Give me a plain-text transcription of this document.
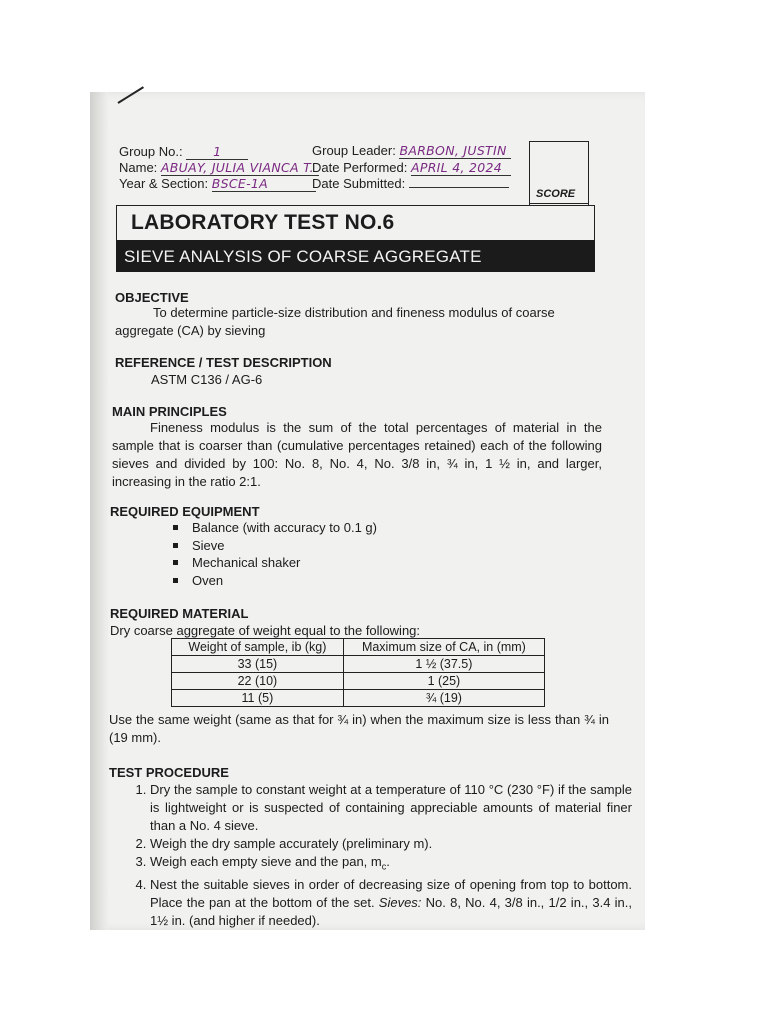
Group No.: 1
Name: ABUAY, JULIA VIANCA T.
Year & Section: BSCE-1A
Group Leader: BARBON, JUSTIN
Date Performed: APRIL 4, 2024
Date Submitted:
SCORE
LABORATORY TEST NO.6
SIEVE ANALYSIS OF COARSE AGGREGATE
OBJECTIVE
To determine particle-size distribution and fineness modulus of coarse
aggregate (CA) by sieving
REFERENCE / TEST DESCRIPTION
ASTM C136 / AG-6
MAIN PRINCIPLES
Fineness modulus is the sum of the total percentages of material in the sample that is coarser than (cumulative percentages retained) each of the following sieves and divided by 100: No. 8, No. 4, No. 3/8 in, ¾ in, 1 ½ in, and larger, increasing in the ratio 2:1.
REQUIRED EQUIPMENT
Balance (with accuracy to 0.1 g)
Sieve
Mechanical shaker
Oven
REQUIRED MATERIAL
Dry coarse aggregate of weight equal to the following:
Weight of sample, ib (kg)	Maximum size of CA, in (mm)
33 (15)	1 ½ (37.5)
22 (10)	1 (25)
11 (5)	¾ (19)
Use the same weight (same as that for ¾ in) when the maximum size is less than ¾ in (19 mm).
TEST PROCEDURE
1. Dry the sample to constant weight at a temperature of 110 °C (230 °F) if the sample is lightweight or is suspected of containing appreciable amounts of material finer than a No. 4 sieve.
2. Weigh the dry sample accurately (preliminary m).
3. Weigh each empty sieve and the pan, $m_c$.
4. Nest the suitable sieves in order of decreasing size of opening from top to bottom. Place the pan at the bottom of the set. Sieves: No. 8, No. 4, 3/8 in., 1/2 in., 3.4 in., 1½ in. (and higher if needed).
